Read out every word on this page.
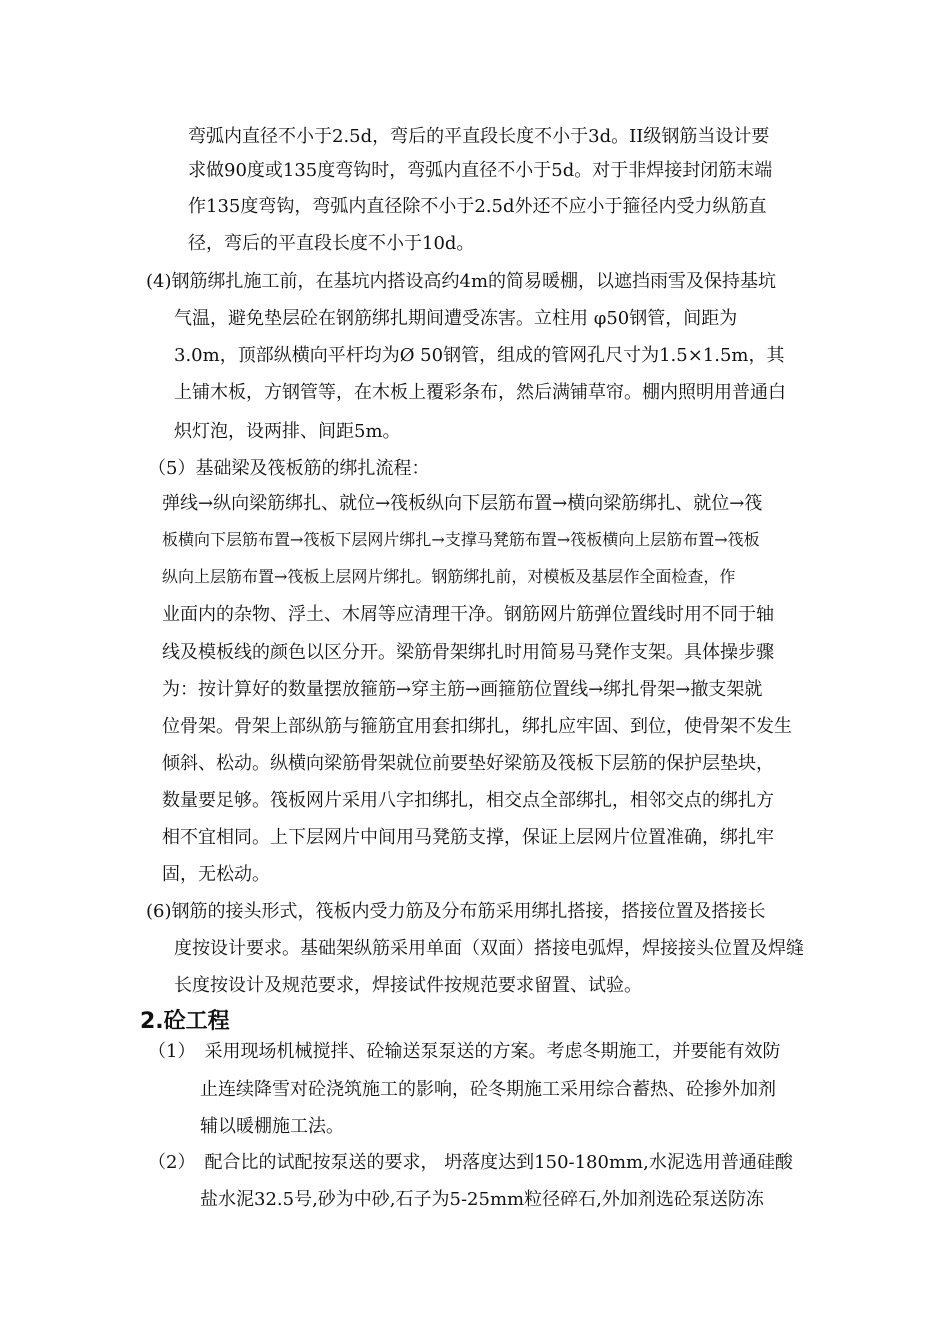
弯弧内直径不小于2.5d，弯后的平直段长度不小于3d。II级钢筋当设计要
求做90度或135度弯钩时，弯弧内直径不小于5d。对于非焊接封闭筋末端
作135度弯钩，弯弧内直径除不小于2.5d外还不应小于箍径内受力纵筋直
径，弯后的平直段长度不小于10d。
(4)钢筋绑扎施工前，在基坑内搭设高约4m的简易暖棚，以遮挡雨雪及保持基坑
气温，避免垫层砼在钢筋绑扎期间遭受冻害。立柱用 φ50钢管，间距为
3.0m，顶部纵横向平杆均为Ø 50钢管，组成的管网孔尺寸为1.5×1.5m，其
上铺木板，方钢管等，在木板上覆彩条布，然后满铺草帘。棚内照明用普通白
炽灯泡，设两排、间距5m。
（5）基础梁及筏板筋的绑扎流程：
弹线→纵向梁筋绑扎、就位→筏板纵向下层筋布置→横向梁筋绑扎、就位→筏
板横向下层筋布置→筏板下层网片绑扎→支撑马凳筋布置→筏板横向上层筋布置→筏板
纵向上层筋布置→筏板上层网片绑扎。钢筋绑扎前，对模板及基层作全面检查，作
业面内的杂物、浮土、木屑等应清理干净。钢筋网片筋弹位置线时用不同于轴
线及模板线的颜色以区分开。梁筋骨架绑扎时用简易马凳作支架。具体操步骤
为：按计算好的数量摆放箍筋→穿主筋→画箍筋位置线→绑扎骨架→撤支架就
位骨架。骨架上部纵筋与箍筋宜用套扣绑扎，绑扎应牢固、到位，使骨架不发生
倾斜、松动。纵横向梁筋骨架就位前要垫好梁筋及筏板下层筋的保护层垫块，
数量要足够。筏板网片采用八字扣绑扎，相交点全部绑扎，相邻交点的绑扎方
相不宜相同。上下层网片中间用马凳筋支撑，保证上层网片位置准确，绑扎牢
固，无松动。
(6)钢筋的接头形式，筏板内受力筋及分布筋采用绑扎搭接，搭接位置及搭接长
度按设计要求。基础架纵筋采用单面（双面）搭接电弧焊，焊接接头位置及焊缝
长度按设计及规范要求，焊接试件按规范要求留置、试验。
2.砼工程
（1）　采用现场机械搅拌、砼输送泵泵送的方案。考虑冬期施工，并要能有效防
止连续降雪对砼浇筑施工的影响，砼冬期施工采用综合蓄热、砼掺外加剂
辅以暖棚施工法。
（2）　配合比的试配按泵送的要求， 坍落度达到150-180mm,水泥选用普通硅酸
盐水泥32.5号,砂为中砂,石子为5-25mm粒径碎石,外加剂选砼泵送防冻
